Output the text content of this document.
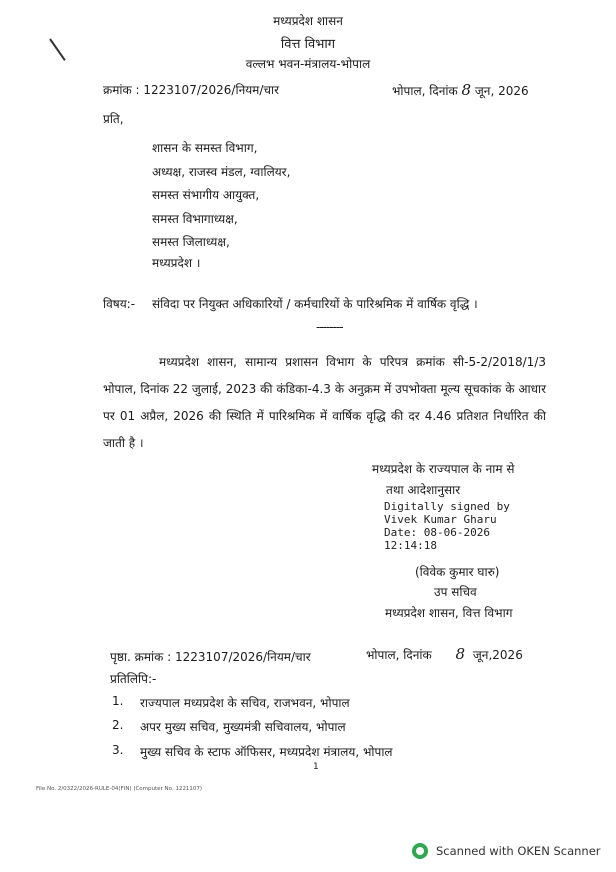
मध्यप्रदेश शासन
वित्त विभाग
वल्लभ भवन-मंत्रालय-भोपाल
क्रमांक : 1223107/2026/नियम/चार	भोपाल, दिनांक 8 जून, 2026
प्रति,
शासन के समस्त विभाग,
अध्यक्ष, राजस्व मंडल, ग्वालियर,
समस्त संभागीय आयुक्त,
समस्त विभागाध्यक्ष,
समस्त जिलाध्यक्ष,
मध्यप्रदेश ।
विषय:- संविदा पर नियुक्त अधिकारियों / कर्मचारियों के पारिश्रमिक में वार्षिक वृद्धि ।
--------
मध्यप्रदेश शासन, सामान्य प्रशासन विभाग के परिपत्र क्रमांक सी-5-2/2018/1/3 भोपाल, दिनांक 22 जुलाई, 2023 की कंडिका-4.3 के अनुक्रम में उपभोक्ता मूल्य सूचकांक के आधार पर 01 अप्रैल, 2026 की स्थिति में पारिश्रमिक में वार्षिक वृद्धि की दर 4.46 प्रतिशत निर्धारित की जाती है ।
मध्यप्रदेश के राज्यपाल के नाम से
तथा आदेशानुसार
Digitally signed by
Vivek Kumar Gharu
Date: 08-06-2026
12:14:18
(विवेक कुमार घारु)
उप सचिव
मध्यप्रदेश शासन, वित्त विभाग
पृष्ठा. क्रमांक : 1223107/2026/नियम/चार	भोपाल, दिनांक 8 जून,2026
प्रतिलिपि:-
1. राज्यपाल मध्यप्रदेश के सचिव, राजभवन, भोपाल
2. अपर मुख्य सचिव, मुख्यमंत्री सचिवालय, भोपाल
3. मुख्य सचिव के स्टाफ ऑफिसर, मध्यप्रदेश मंत्रालय, भोपाल
1
File No. 2/0322/2026-RULE-04(FIN) (Computer No. 1221107)
Scanned with OKEN Scanner
